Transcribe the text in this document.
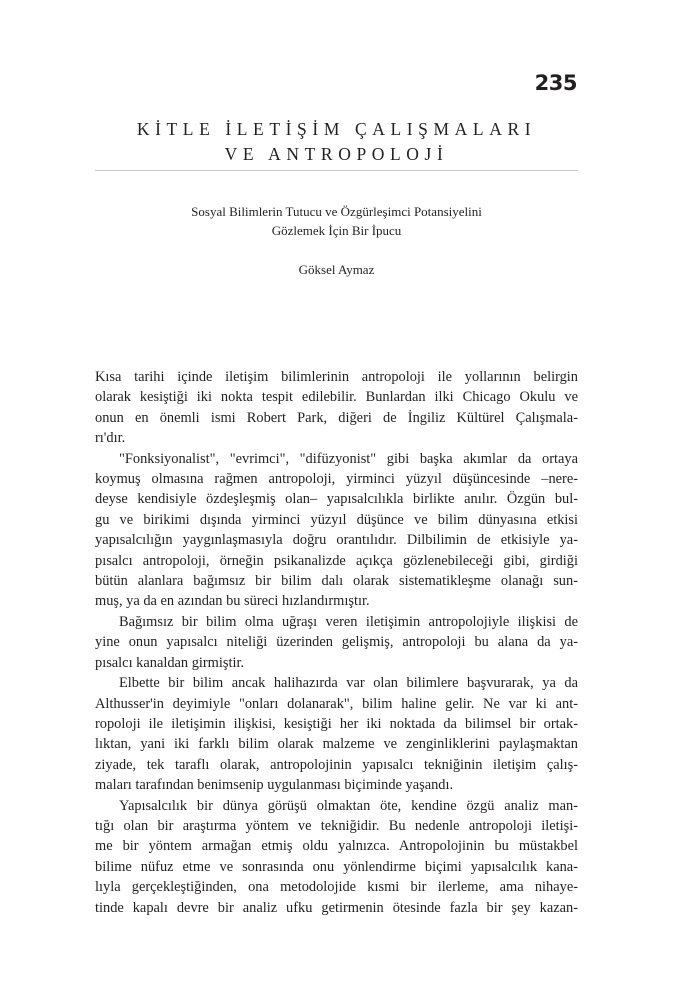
235
KİTLE İLETİŞİM ÇALIŞMALARI
VE ANTROPOLOJİ
Sosyal Bilimlerin Tutucu ve Özgürleşimci Potansiyelini
Gözlemek İçin Bir İpucu
Göksel Aymaz
Kısa tarihi içinde iletişim bilimlerinin antropoloji ile yollarının belirgin
olarak kesiştiği iki nokta tespit edilebilir. Bunlardan ilki Chicago Okulu ve
onun en önemli ismi Robert Park, diğeri de İngiliz Kültürel Çalışmala-
rı'dır.
"Fonksiyonalist", "evrimci", "difüzyonist" gibi başka akımlar da ortaya
koymuş olmasına rağmen antropoloji, yirminci yüzyıl düşüncesinde –nere-
deyse kendisiyle özdeşleşmiş olan– yapısalcılıkla birlikte anılır. Özgün bul-
gu ve birikimi dışında yirminci yüzyıl düşünce ve bilim dünyasına etkisi
yapısalcılığın yaygınlaşmasıyla doğru orantılıdır. Dilbilimin de etkisiyle ya-
pısalcı antropoloji, örneğin psikanalizde açıkça gözlenebileceği gibi, girdiği
bütün alanlara bağımsız bir bilim dalı olarak sistematikleşme olanağı sun-
muş, ya da en azından bu süreci hızlandırmıştır.
Bağımsız bir bilim olma uğraşı veren iletişimin antropolojiyle ilişkisi de
yine onun yapısalcı niteliği üzerinden gelişmiş, antropoloji bu alana da ya-
pısalcı kanaldan girmiştir.
Elbette bir bilim ancak halihazırda var olan bilimlere başvurarak, ya da
Althusser'in deyimiyle "onları dolanarak", bilim haline gelir. Ne var ki ant-
ropoloji ile iletişimin ilişkisi, kesiştiği her iki noktada da bilimsel bir ortak-
lıktan, yani iki farklı bilim olarak malzeme ve zenginliklerini paylaşmaktan
ziyade, tek taraflı olarak, antropolojinin yapısalcı tekniğinin iletişim çalış-
maları tarafından benimsenip uygulanması biçiminde yaşandı.
Yapısalcılık bir dünya görüşü olmaktan öte, kendine özgü analiz man-
tığı olan bir araştırma yöntem ve tekniğidir. Bu nedenle antropoloji iletişi-
me bir yöntem armağan etmiş oldu yalnızca. Antropolojinin bu müstakbel
bilime nüfuz etme ve sonrasında onu yönlendirme biçimi yapısalcılık kana-
lıyla gerçekleştiğinden, ona metodolojide kısmi bir ilerleme, ama nihaye-
tinde kapalı devre bir analiz ufku getirmenin ötesinde fazla bir şey kazan-
